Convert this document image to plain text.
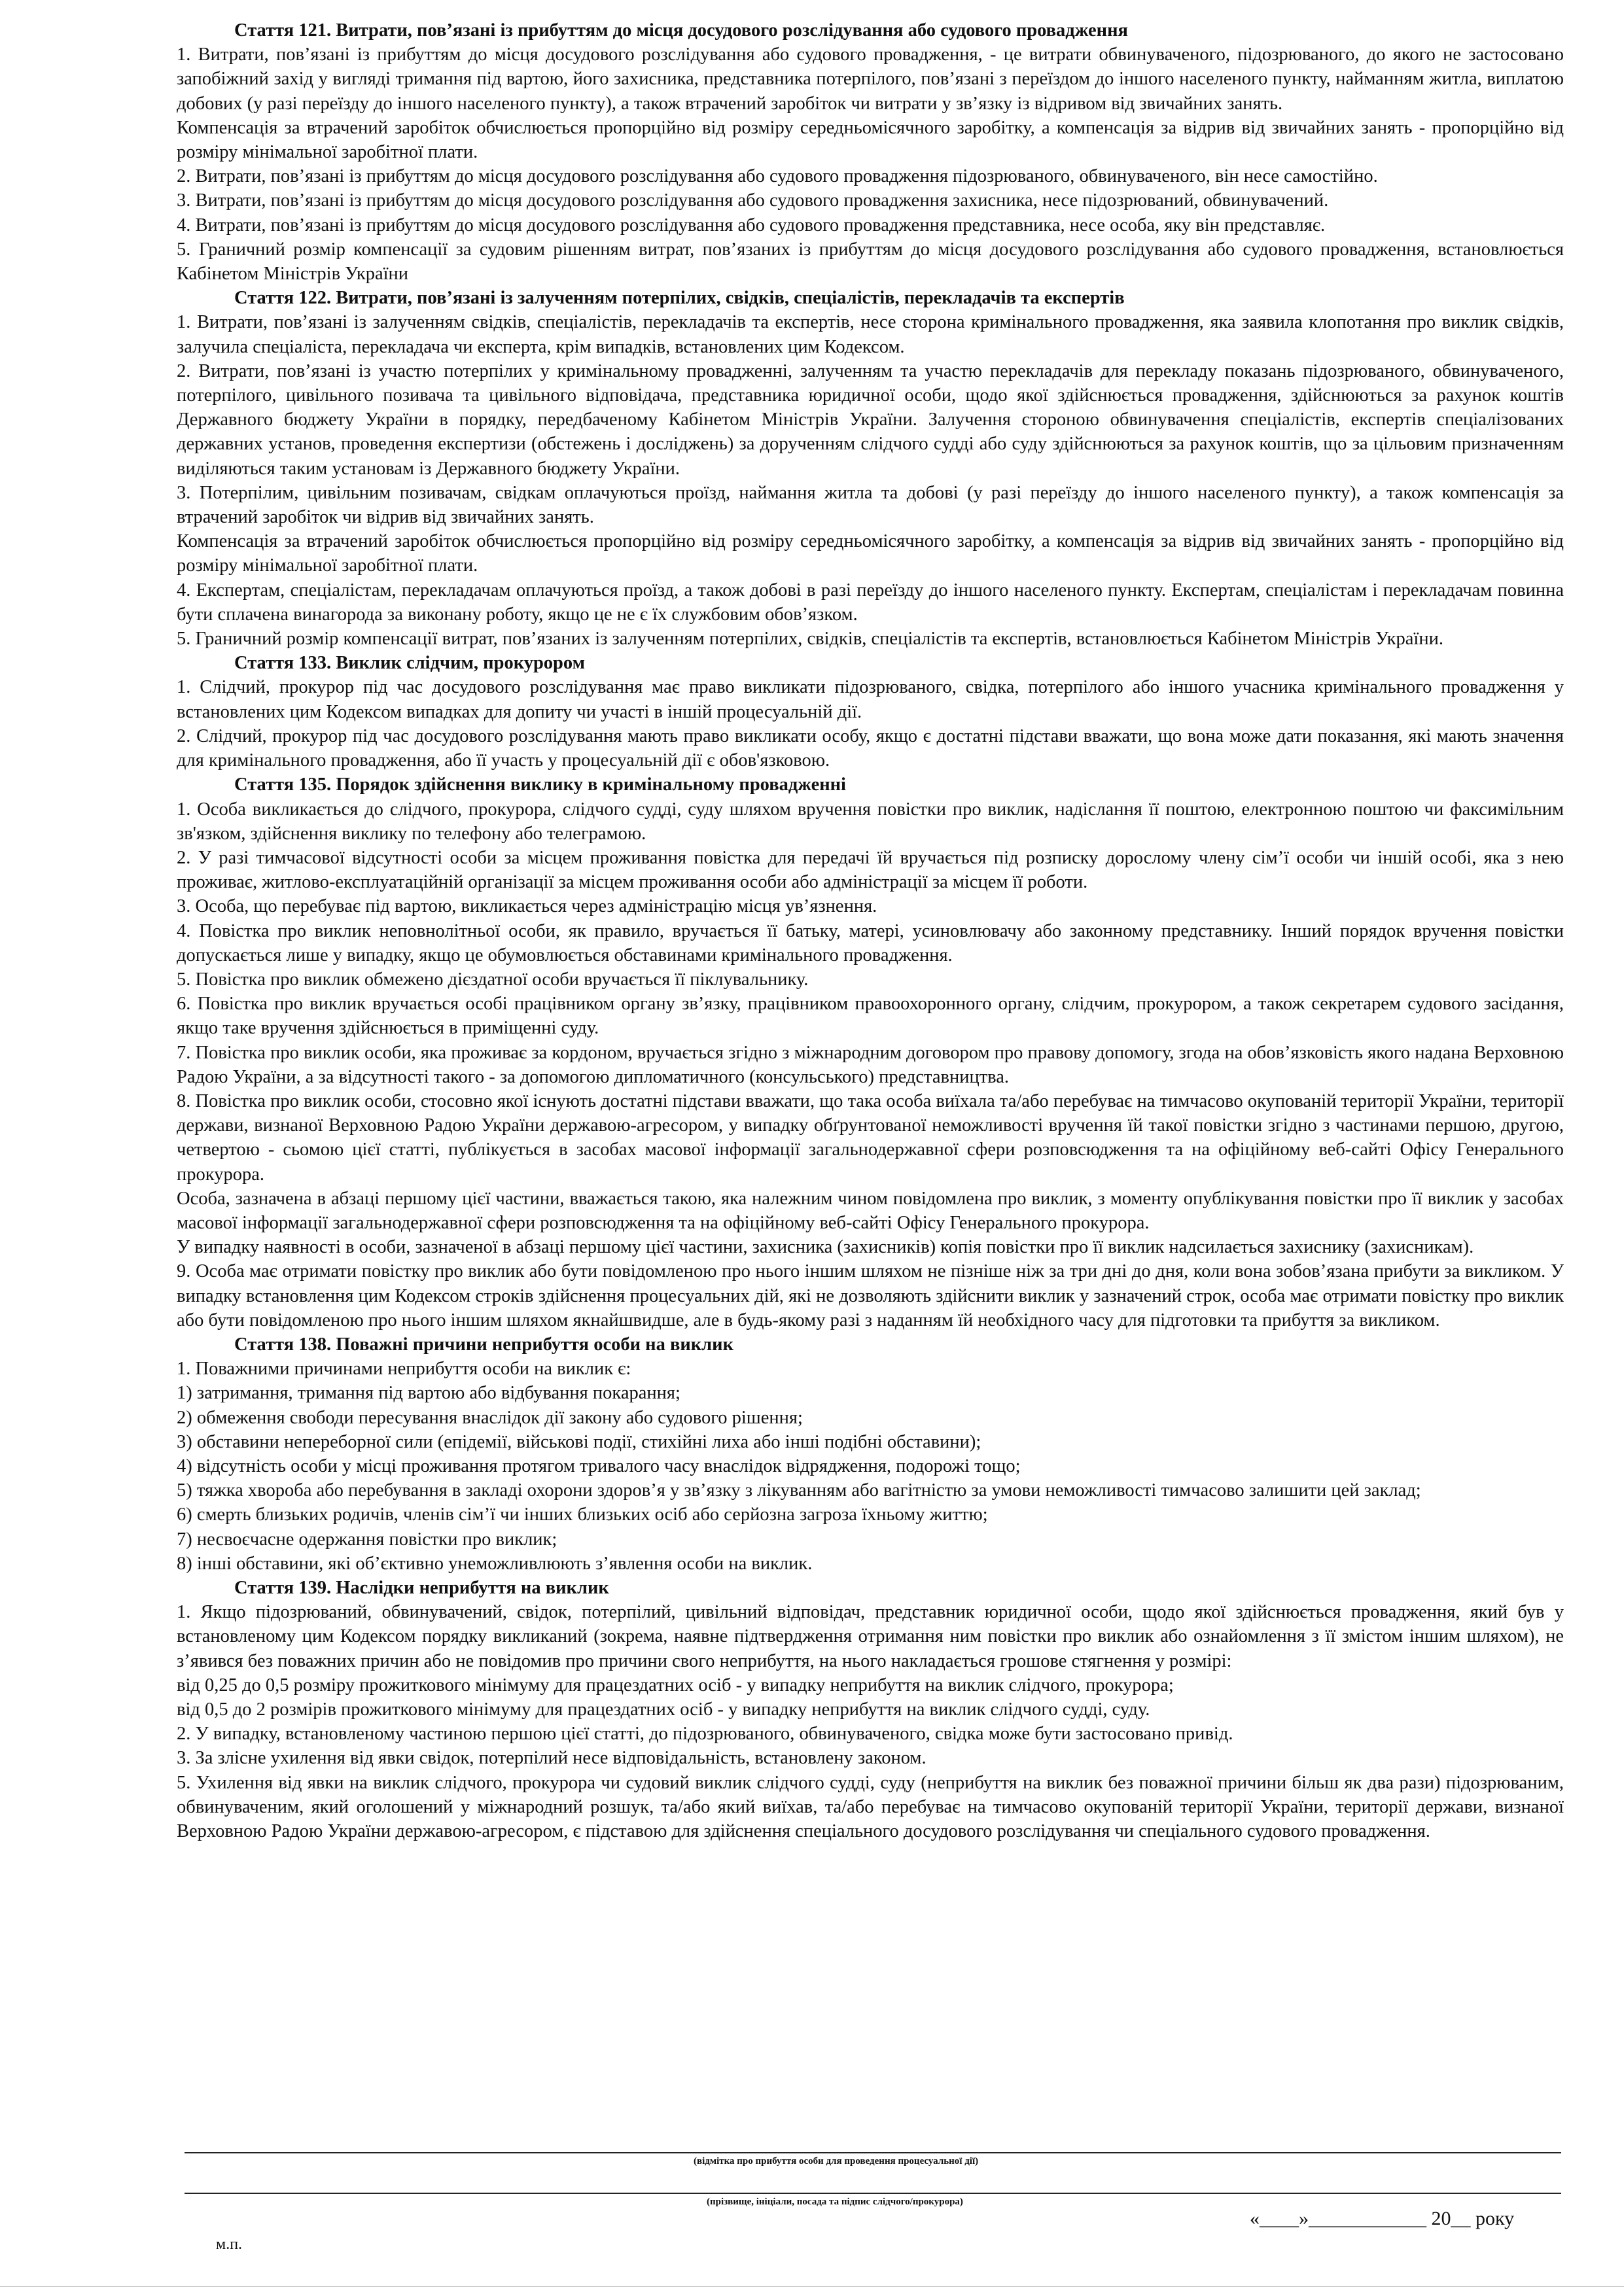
Стаття 121. Витрати, пов’язані із прибуттям до місця досудового розслідування або судового провадження
1. Витрати, пов’язані із прибуттям до місця досудового розслідування або судового провадження, - це витрати обвинуваченого, підозрюваного, до якого не застосовано запобіжний захід у вигляді тримання під вартою, його захисника, представника потерпілого, пов’язані з переїздом до іншого населеного пункту, найманням житла, виплатою добових (у разі переїзду до іншого населеного пункту), а також втрачений заробіток чи витрати у зв’язку із відривом від звичайних занять.
Компенсація за втрачений заробіток обчислюється пропорційно від розміру середньомісячного заробітку, а компенсація за відрив від звичайних занять - пропорційно від розміру мінімальної заробітної плати.
2. Витрати, пов’язані із прибуттям до місця досудового розслідування або судового провадження підозрюваного, обвинуваченого, він несе самостійно.
3. Витрати, пов’язані із прибуттям до місця досудового розслідування або судового провадження захисника, несе підозрюваний, обвинувачений.
4. Витрати, пов’язані із прибуттям до місця досудового розслідування або судового провадження представника, несе особа, яку він представляє.
5. Граничний розмір компенсації за судовим рішенням витрат, пов’язаних із прибуттям до місця досудового розслідування або судового провадження, встановлюється Кабінетом Міністрів України
Стаття 122. Витрати, пов’язані із залученням потерпілих, свідків, спеціалістів, перекладачів та експертів
1. Витрати, пов’язані із залученням свідків, спеціалістів, перекладачів та експертів, несе сторона кримінального провадження, яка заявила клопотання про виклик свідків, залучила спеціаліста, перекладача чи експерта, крім випадків, встановлених цим Кодексом.
2. Витрати, пов’язані із участю потерпілих у кримінальному провадженні, залученням та участю перекладачів для перекладу показань підозрюваного, обвинуваченого, потерпілого, цивільного позивача та цивільного відповідача, представника юридичної особи, щодо якої здійснюється провадження, здійснюються за рахунок коштів Державного бюджету України в порядку, передбаченому Кабінетом Міністрів України. Залучення стороною обвинувачення спеціалістів, експертів спеціалізованих державних установ, проведення експертизи (обстежень і досліджень) за дорученням слідчого судді або суду здійснюються за рахунок коштів, що за цільовим призначенням виділяються таким установам із Державного бюджету України.
3. Потерпілим, цивільним позивачам, свідкам оплачуються проїзд, наймання житла та добові (у разі переїзду до іншого населеного пункту), а також компенсація за втрачений заробіток чи відрив від звичайних занять.
Компенсація за втрачений заробіток обчислюється пропорційно від розміру середньомісячного заробітку, а компенсація за відрив від звичайних занять - пропорційно від розміру мінімальної заробітної плати.
4. Експертам, спеціалістам, перекладачам оплачуються проїзд, а також добові в разі переїзду до іншого населеного пункту. Експертам, спеціалістам і перекладачам повинна бути сплачена винагорода за виконану роботу, якщо це не є їх службовим обов’язком.
5. Граничний розмір компенсації витрат, пов’язаних із залученням потерпілих, свідків, спеціалістів та експертів, встановлюється Кабінетом Міністрів України.
Стаття 133. Виклик слідчим, прокурором
1. Слідчий, прокурор під час досудового розслідування має право викликати підозрюваного, свідка, потерпілого або іншого учасника кримінального провадження у встановлених цим Кодексом випадках для допиту чи участі в іншій процесуальній дії.
2. Слідчий, прокурор під час досудового розслідування мають право викликати особу, якщо є достатні підстави вважати, що вона може дати показання, які мають значення для кримінального провадження, або її участь у процесуальній дії є обов'язковою.
Стаття 135. Порядок здійснення виклику в кримінальному провадженні
1. Особа викликається до слідчого, прокурора, слідчого судді, суду шляхом вручення повістки про виклик, надіслання її поштою, електронною поштою чи факсимільним зв'язком, здійснення виклику по телефону або телеграмою.
2. У разі тимчасової відсутності особи за місцем проживання повістка для передачі їй вручається під розписку дорослому члену сім’ї особи чи іншій особі, яка з нею проживає, житлово-експлуатаційній організації за місцем проживання особи або адміністрації за місцем її роботи.
3. Особа, що перебуває під вартою, викликається через адміністрацію місця ув’язнення.
4. Повістка про виклик неповнолітньої особи, як правило, вручається її батьку, матері, усиновлювачу або законному представнику. Інший порядок вручення повістки допускається лише у випадку, якщо це обумовлюється обставинами кримінального провадження.
5. Повістка про виклик обмежено дієздатної особи вручається її піклувальнику.
6. Повістка про виклик вручається особі працівником органу зв’язку, працівником правоохоронного органу, слідчим, прокурором, а також секретарем судового засідання, якщо таке вручення здійснюється в приміщенні суду.
7. Повістка про виклик особи, яка проживає за кордоном, вручається згідно з міжнародним договором про правову допомогу, згода на обов’язковість якого надана Верховною Радою України, а за відсутності такого - за допомогою дипломатичного (консульського) представництва.
8. Повістка про виклик особи, стосовно якої існують достатні підстави вважати, що така особа виїхала та/або перебуває на тимчасово окупованій території України, території держави, визнаної Верховною Радою України державою-агресором, у випадку обґрунтованої неможливості вручення їй такої повістки згідно з частинами першою, другою, четвертою - сьомою цієї статті, публікується в засобах масової інформації загальнодержавної сфери розповсюдження та на офіційному веб-сайті Офісу Генерального прокурора.
Особа, зазначена в абзаці першому цієї частини, вважається такою, яка належним чином повідомлена про виклик, з моменту опублікування повістки про її виклик у засобах масової інформації загальнодержавної сфери розповсюдження та на офіційному веб-сайті Офісу Генерального прокурора.
У випадку наявності в особи, зазначеної в абзаці першому цієї частини, захисника (захисників) копія повістки про її виклик надсилається захиснику (захисникам).
9. Особа має отримати повістку про виклик або бути повідомленою про нього іншим шляхом не пізніше ніж за три дні до дня, коли вона зобов’язана прибути за викликом. У випадку встановлення цим Кодексом строків здійснення процесуальних дій, які не дозволяють здійснити виклик у зазначений строк, особа має отримати повістку про виклик або бути повідомленою про нього іншим шляхом якнайшвидше, але в будь-якому разі з наданням їй необхідного часу для підготовки та прибуття за викликом.
Стаття 138. Поважні причини неприбуття особи на виклик
1. Поважними причинами неприбуття особи на виклик є:
1) затримання, тримання під вартою або відбування покарання;
2) обмеження свободи пересування внаслідок дії закону або судового рішення;
3) обставини непереборної сили (епідемії, військові події, стихійні лиха або інші подібні обставини);
4) відсутність особи у місці проживання протягом тривалого часу внаслідок відрядження, подорожі тощо;
5) тяжка хвороба або перебування в закладі охорони здоров’я у зв’язку з лікуванням або вагітністю за умови неможливості тимчасово залишити цей заклад;
6) смерть близьких родичів, членів сім’ї чи інших близьких осіб або серйозна загроза їхньому життю;
7) несвоєчасне одержання повістки про виклик;
8) інші обставини, які об’єктивно унеможливлюють з’явлення особи на виклик.
Стаття 139. Наслідки неприбуття на виклик
1. Якщо підозрюваний, обвинувачений, свідок, потерпілий, цивільний відповідач, представник юридичної особи, щодо якої здійснюється провадження, який був у встановленому цим Кодексом порядку викликаний (зокрема, наявне підтвердження отримання ним повістки про виклик або ознайомлення з її змістом іншим шляхом), не з’явився без поважних причин або не повідомив про причини свого неприбуття, на нього накладається грошове стягнення у розмірі:
від 0,25 до 0,5 розміру прожиткового мінімуму для працездатних осіб - у випадку неприбуття на виклик слідчого, прокурора;
від 0,5 до 2 розмірів прожиткового мінімуму для працездатних осіб - у випадку неприбуття на виклик слідчого судді, суду.
2. У випадку, встановленому частиною першою цієї статті, до підозрюваного, обвинуваченого, свідка може бути застосовано привід.
3. За злісне ухилення від явки свідок, потерпілий несе відповідальність, встановлену законом.
5. Ухилення від явки на виклик слідчого, прокурора чи судовий виклик слідчого судді, суду (неприбуття на виклик без поважної причини більш як два рази) підозрюваним, обвинуваченим, який оголошений у міжнародний розшук, та/або який виїхав, та/або перебуває на тимчасово окупованій території України, території держави, визнаної Верховною Радою України державою-агресором, є підставою для здійснення спеціального досудового розслідування чи спеціального судового провадження.
(відмітка про прибуття особи для проведення процесуальної дії)
(прізвище, ініціали, посада та підпис слідчого/прокурора)
м.п.
«____»____________ 20__ року
